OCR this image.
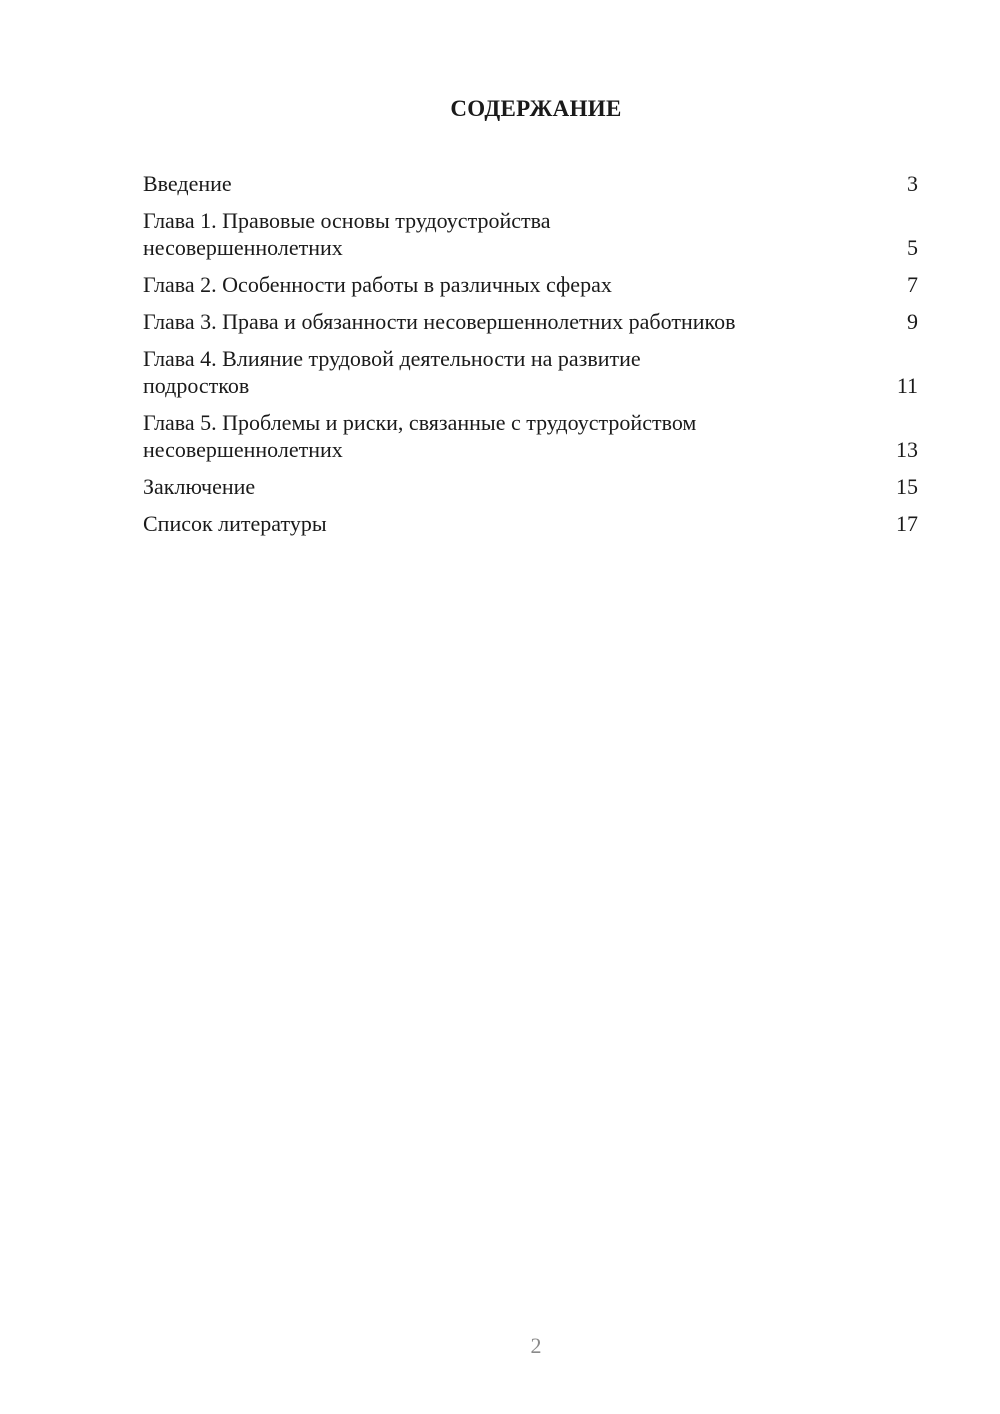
СОДЕРЖАНИЕ
Введение	3
Глава 1. Правовые основы трудоустройства
несовершеннолетних	5
Глава 2. Особенности работы в различных сферах	7
Глава 3. Права и обязанности несовершеннолетних работников	9
Глава 4. Влияние трудовой деятельности на развитие
подростков	11
Глава 5. Проблемы и риски, связанные с трудоустройством
несовершеннолетних	13
Заключение	15
Список литературы	17
2
